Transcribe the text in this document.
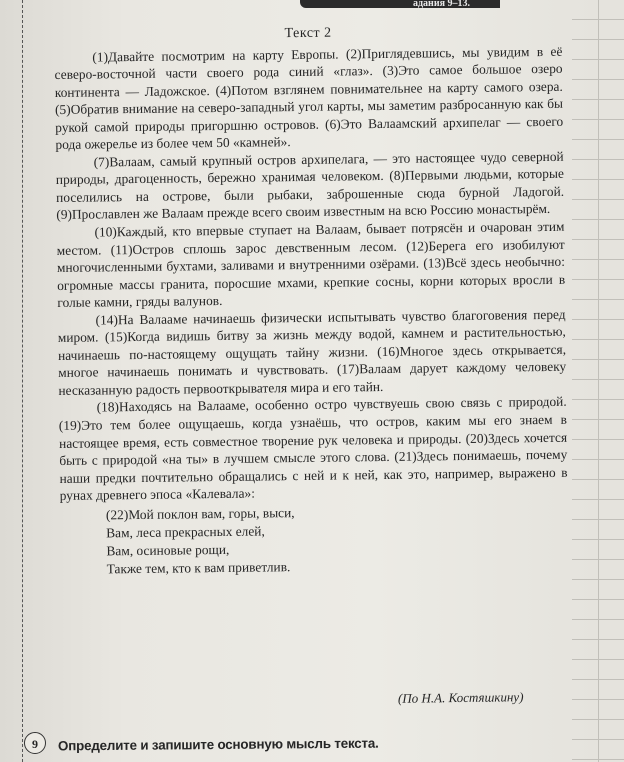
адания 9–13.
Текст 2

(1)Давайте посмотрим на карту Европы. (2)Приглядевшись, мы увидим в её северо-восточной части своего рода синий «глаз». (3)Это самое большое озеро континента — Ладожское. (4)Потом взглянем повнимательнее на карту самого озера. (5)Обратив внимание на северо-западный угол карты, мы заметим разбросанную как бы рукой самой природы пригоршню островов. (6)Это Валаамский архипелаг — своего рода ожерелье из более чем 50 «камней».

(7)Валаам, самый крупный остров архипелага, — это настоящее чудо северной природы, драгоценность, бережно хранимая человеком. (8)Первыми людьми, которые поселились на острове, были рыбаки, заброшенные сюда бурной Ладогой. (9)Прославлен же Валаам прежде всего своим известным на всю Россию монастырём.

(10)Каждый, кто впервые ступает на Валаам, бывает потрясён и очарован этим местом. (11)Остров сплошь зарос девственным лесом. (12)Берега его изобилуют многочисленными бухтами, заливами и внутренними озёрами. (13)Всё здесь необычно: огромные массы гранита, поросшие мхами, крепкие сосны, корни которых вросли в голые камни, гряды валунов.

(14)На Валааме начинаешь физически испытывать чувство благоговения перед миром. (15)Когда видишь битву за жизнь между водой, камнем и растительностью, начинаешь по-настоящему ощущать тайну жизни. (16)Многое здесь открывается, многое начинаешь понимать и чувствовать. (17)Валаам дарует каждому человеку несказанную радость первооткрывателя мира и его тайн.

(18)Находясь на Валааме, особенно остро чувствуешь свою связь с природой. (19)Это тем более ощущаешь, когда узнаёшь, что остров, каким мы его знаем в настоящее время, есть совместное творение рук человека и природы. (20)Здесь хочется быть с природой «на ты» в лучшем смысле этого слова. (21)Здесь понимаешь, почему наши предки почтительно обращались с ней и к ней, как это, например, выражено в рунах древнего эпоса «Калевала»:

(22)Мой поклон вам, горы, выси,
Вам, леса прекрасных елей,
Вам, осиновые рощи,
Также тем, кто к вам приветлив.
(По Н.А. Костяшкину)
9	Определите и запишите основную мысль текста.
